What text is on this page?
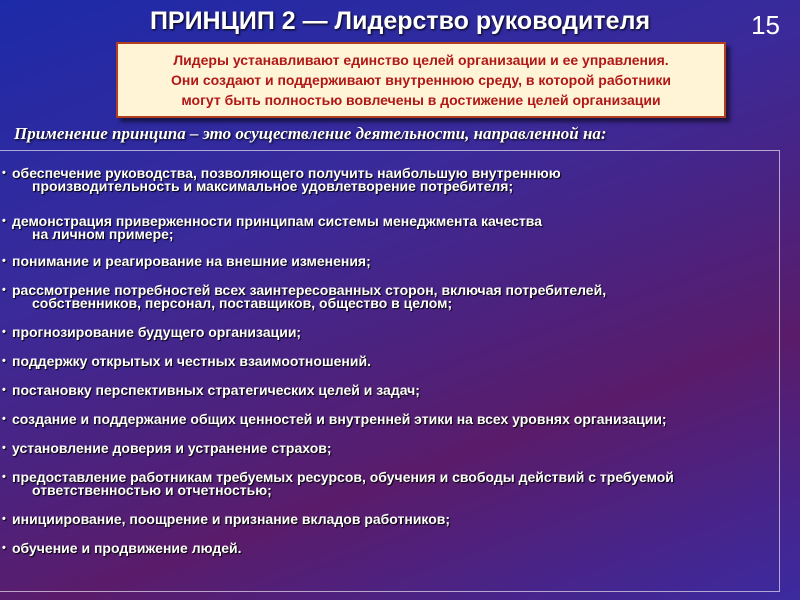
ПРИНЦИП 2 — Лидерство руководителя	15
Лидеры устанавливают единство целей организации и ее управления.
Они создают и поддерживают внутреннюю среду, в которой работники
могут быть полностью вовлечены в достижение целей организации
Применение принципа – это осуществление деятельности, направленной на:
• обеспечение руководства, позволяющего получить наибольшую внутреннюю
производительность и максимальное удовлетворение потребителя;
• демонстрация приверженности принципам системы менеджмента качества
на личном примере;
• понимание и реагирование на внешние изменения;
• рассмотрение потребностей всех заинтересованных сторон, включая потребителей,
собственников, персонал, поставщиков, общество в целом;
• прогнозирование будущего организации;
• поддержку открытых и честных взаимоотношений.
• постановку перспективных стратегических целей и задач;
• создание и поддержание общих ценностей и внутренней этики на всех уровнях организации;
• установление доверия и устранение страхов;
• предоставление работникам требуемых ресурсов, обучения и свободы действий с требуемой
ответственностью и отчетностью;
• инициирование, поощрение и признание вкладов работников;
• обучение и продвижение людей.
